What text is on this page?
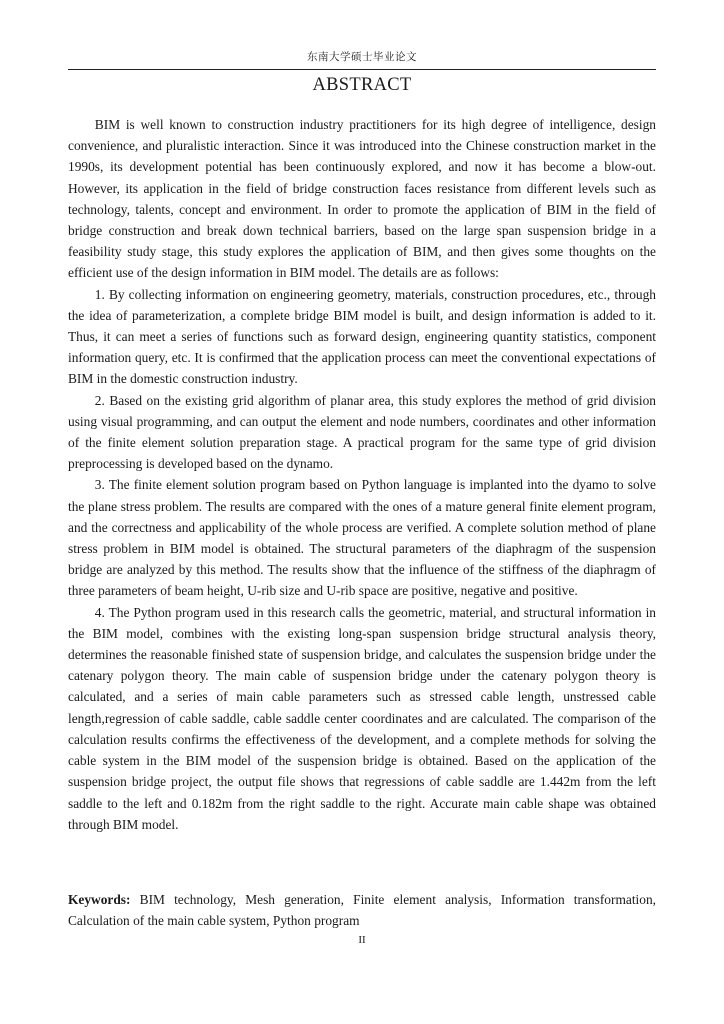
东南大学硕士毕业论文
ABSTRACT

BIM is well known to construction industry practitioners for its high degree of intelligence, design convenience, and pluralistic interaction. Since it was introduced into the Chinese construction market in the 1990s, its development potential has been continuously explored, and now it has become a blow-out. However, its application in the field of bridge construction faces resistance from different levels such as technology, talents, concept and environment. In order to promote the application of BIM in the field of bridge construction and break down technical barriers, based on the large span suspension bridge in a feasibility study stage, this study explores the application of BIM, and then gives some thoughts on the efficient use of the design information in BIM model. The details are as follows:

1. By collecting information on engineering geometry, materials, construction procedures, etc., through the idea of parameterization, a complete bridge BIM model is built, and design information is added to it. Thus, it can meet a series of functions such as forward design, engineering quantity statistics, component information query, etc. It is confirmed that the application process can meet the conventional expectations of BIM in the domestic construction industry.

2. Based on the existing grid algorithm of planar area, this study explores the method of grid division using visual programming, and can output the element and node numbers, coordinates and other information of the finite element solution preparation stage. A practical program for the same type of grid division preprocessing is developed based on the dynamo.

3. The finite element solution program based on Python language is implanted into the dyamo to solve the plane stress problem. The results are compared with the ones of a mature general finite element program, and the correctness and applicability of the whole process are verified. A complete solution method of plane stress problem in BIM model is obtained. The structural parameters of the diaphragm of the suspension bridge are analyzed by this method. The results show that the influence of the stiffness of the diaphragm of three parameters of beam height, U-rib size and U-rib space are positive, negative and positive.

4. The Python program used in this research calls the geometric, material, and structural information in the BIM model, combines with the existing long-span suspension bridge structural analysis theory, determines the reasonable finished state of suspension bridge, and calculates the suspension bridge under the catenary polygon theory. The main cable of suspension bridge under the catenary polygon theory is calculated, and a series of main cable parameters such as stressed cable length, unstressed cable length,regression of cable saddle, cable saddle center coordinates and are calculated. The comparison of the calculation results confirms the effectiveness of the development, and a complete methods for solving the cable system in the BIM model of the suspension bridge is obtained. Based on the application of the suspension bridge project, the output file shows that regressions of cable saddle are 1.442m from the left saddle to the left and 0.182m from the right saddle to the right. Accurate main cable shape was obtained through BIM model.

Keywords: BIM technology, Mesh generation, Finite element analysis, Information transformation, Calculation of the main cable system, Python program
II
